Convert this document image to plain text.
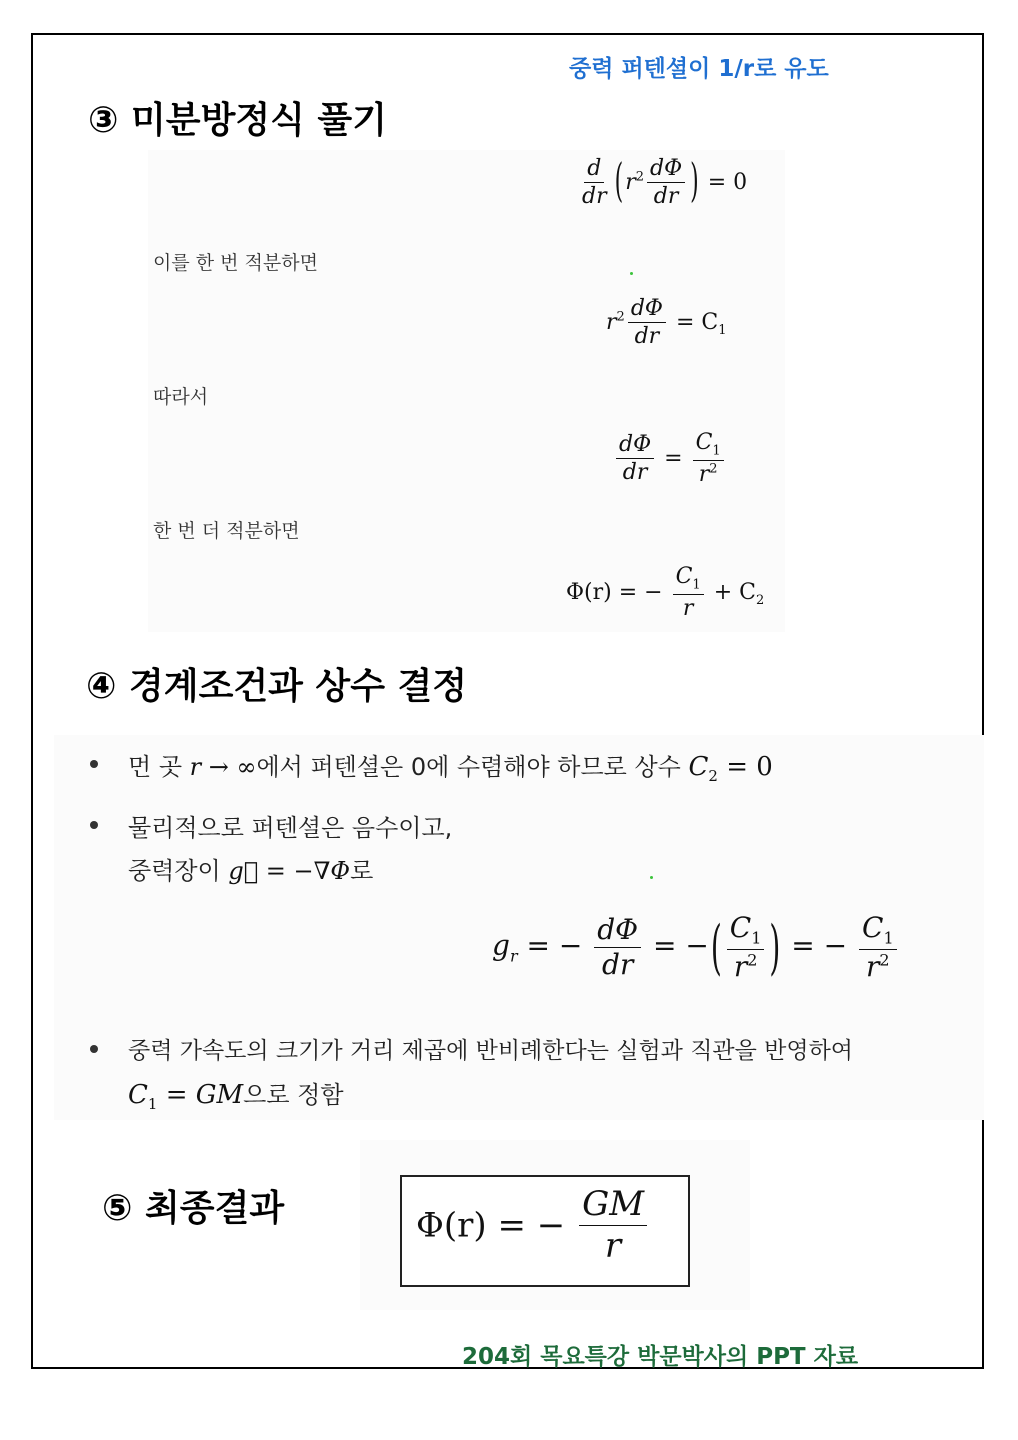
중력 퍼텐셜이 1/r로 유도
③ 미분방정식 풀기
$\frac{d}{dr} (r^2 \frac{d\Phi}{dr}$ ) = 0
이를 한 번 적분하면
$r^2 \frac{d\Phi}{dr} = C_1$
따라서
$\frac{d\Phi}{dr} = \frac{C_1}{r^2}$
한 번 더 적분하면
Φ(r) = − $\frac{C_1}{r} + C_2$
④ 경계조건과 상수 결정
먼 곳 r → ∞에서 퍼텐셜은 0에 수렴해야 하므로 상수 $C_2 = 0$
물리적으로 퍼텐셜은 음수이고,
중력장이 g⃗ = −∇Φ로
$g_r$ = − $\frac{d\Phi}{dr}$ = −( $\frac{C_1}{r^2}$ ) = − $\frac{C_1}{r^2}$
중력 가속도의 크기가 거리 제곱에 반비례한다는 실험과 직관을 반영하여
$C_1$ = GM으로 정함
⑤ 최종결과	Φ(r) = − $\frac{GM}{r}$
204회 목요특강 박문박사의 PPT 자료
